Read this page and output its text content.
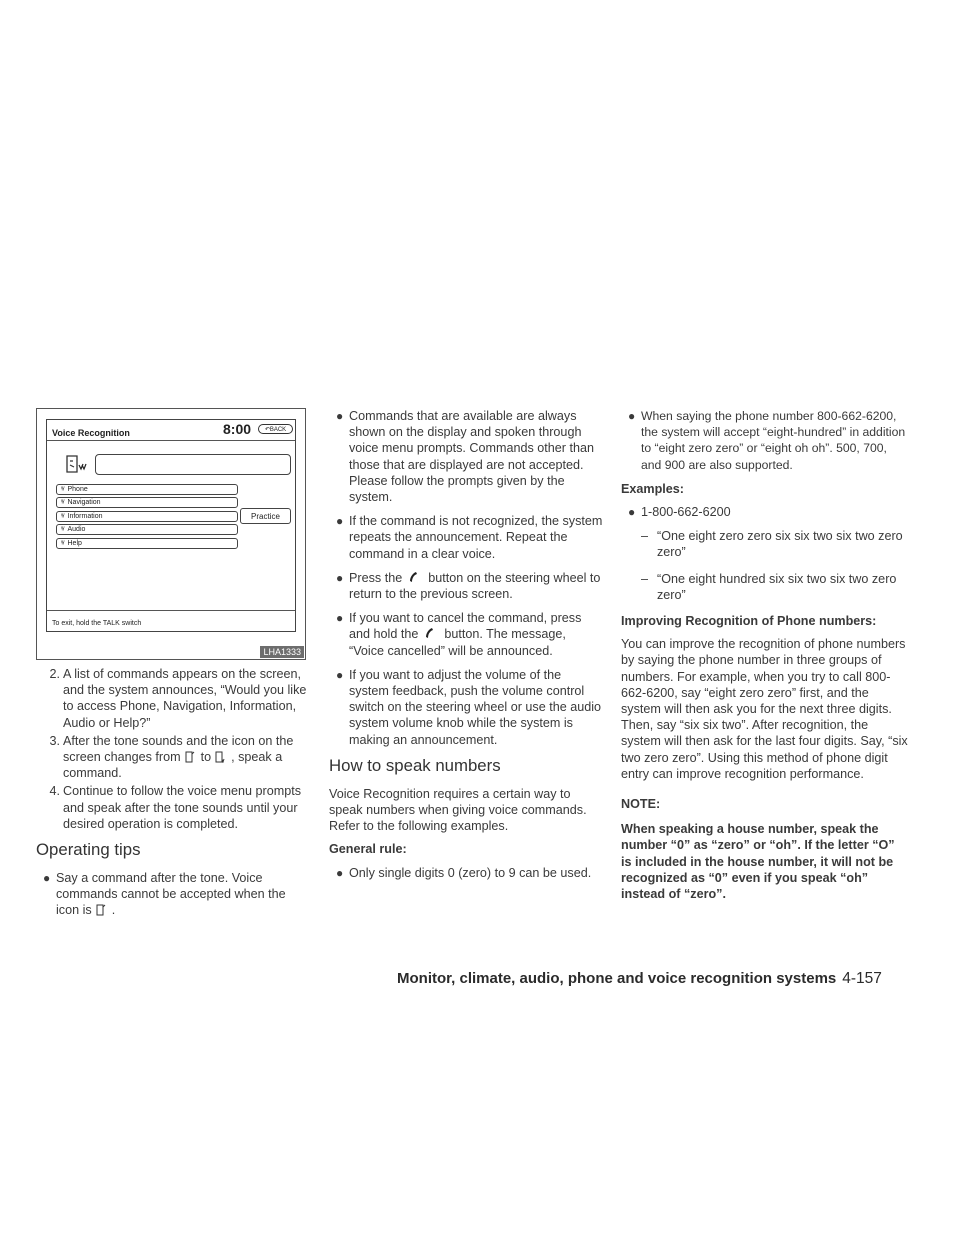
Voice Recognition	8:00	↶BACK
ᵞᵞ Phone
ᵞᵞ Navigation
ᵞᵞ Information
ᵞᵞ Audio
ᵞᵞ Help
Practice
To exit, hold the TALK switch
LHA1333
2. A list of commands appears on the screen, and the system announces, “Would you like to access Phone, Navigation, Information, Audio or Help?”
3. After the tone sounds and the icon on the screen changes from to , speak a command.
4. Continue to follow the voice menu prompts and speak after the tone sounds until your desired operation is completed.
Operating tips
● Say a command after the tone. Voice commands cannot be accepted when the icon is .
● Commands that are available are always shown on the display and spoken through voice menu prompts. Commands other than those that are displayed are not accepted. Please follow the prompts given by the system.
● If the command is not recognized, the system repeats the announcement. Repeat the command in a clear voice.
● Press the button on the steering wheel to return to the previous screen.
● If you want to cancel the command, press and hold the button. The message, “Voice cancelled” will be announced.
● If you want to adjust the volume of the system feedback, push the volume control switch on the steering wheel or use the audio system volume knob while the system is making an announcement.
How to speak numbers

Voice Recognition requires a certain way to speak numbers when giving voice commands. Refer to the following examples.

General rule:

● Only single digits 0 (zero) to 9 can be used.
● When saying the phone number 800-662-6200, the system will accept “eight-hundred” in addition to “eight zero zero” or “eight oh oh”. 500, 700, and 900 are also supported.

Examples:

● 1-800-662-6200
– “One eight zero zero six six two six two zero zero”
– “One eight hundred six six two six two zero zero”

Improving Recognition of Phone numbers:

You can improve the recognition of phone numbers by saying the phone number in three groups of numbers. For example, when you try to call 800-662-6200, say “eight zero zero” first, and the system will then ask you for the next three digits. Then, say “six six two”. After recognition, the system will then ask for the last four digits. Say, “six two zero zero”. Using this method of phone digit entry can improve recognition performance.

NOTE:

When speaking a house number, speak the number “0” as “zero” or “oh”. If the letter “O” is included in the house number, it will not be recognized as “0” even if you speak “oh” instead of “zero”.

Monitor, climate, audio, phone and voice recognition systems 4-157
